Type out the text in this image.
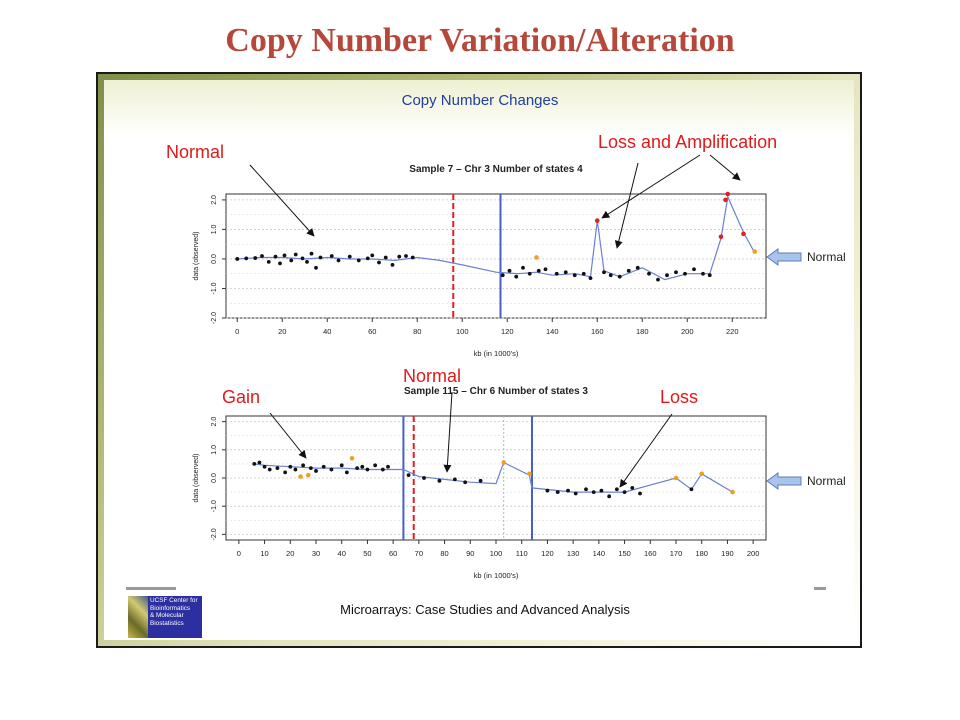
Copy Number Variation/Alteration
Copy Number Changes
Sample 7 – Chr 3 Number of states 4
-2.0
-1.0
0.0
1.0
2.0
data (observed)
0	20	40	60	80	100	120	140	160	180	200	220
kb (in 1000's)
Sample 115 – Chr 6 Number of states 3
-2.0
-1.0
0.0
1.0
2.0
data (observed)
0	10 20 30 40 50 60 70 80 90 100 110 120 130 140 150 160 170 180 190 200
kb (in 1000's)
Normal	Loss and Amplification
Gain
Normal
Loss
Normal
Normal
UCSF Center for
Bioinformatics
& Molecular
Biostatistics
Microarrays: Case Studies and Advanced Analysis
